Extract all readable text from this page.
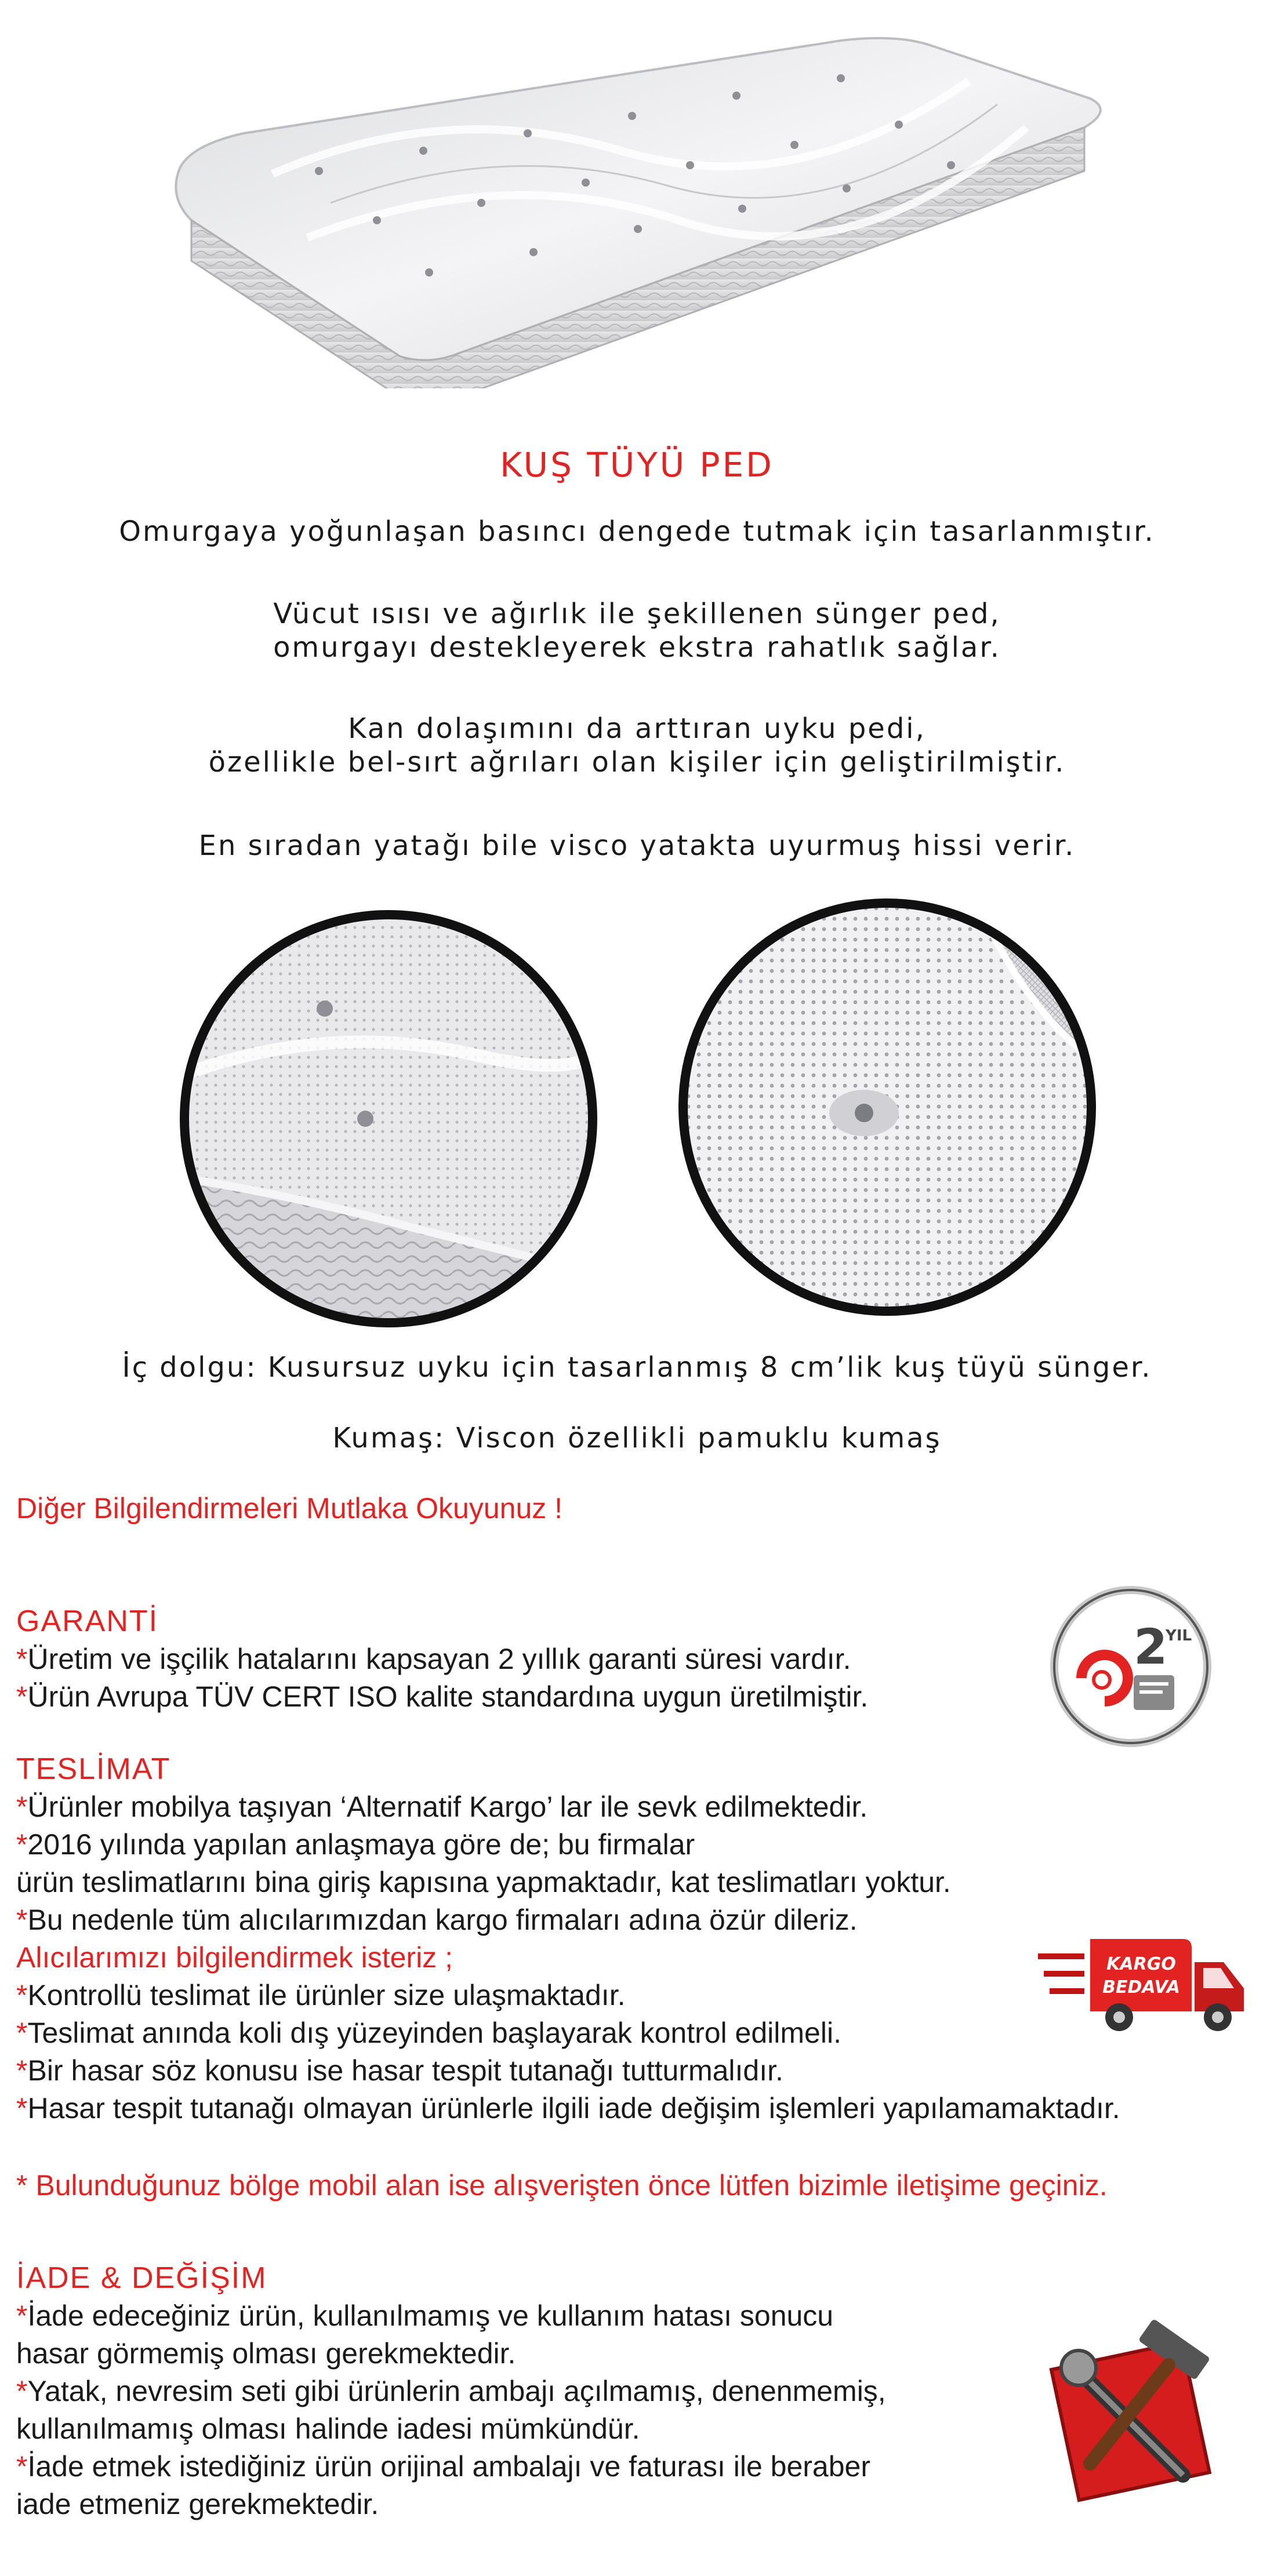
KUŞ TÜYÜ PED
Omurgaya yoğunlaşan basıncı dengede tutmak için tasarlanmıştır.
Vücut ısısı ve ağırlık ile şekillenen sünger ped,
omurgayı destekleyerek ekstra rahatlık sağlar.
Kan dolaşımını da arttıran uyku pedi,
özellikle bel-sırt ağrıları olan kişiler için geliştirilmiştir.
En sıradan yatağı bile visco yatakta uyurmuş hissi verir.
İç dolgu: Kusursuz uyku için tasarlanmış 8 cm’lik kuş tüyü sünger.
Kumaş: Viscon özellikli pamuklu kumaş
Diğer Bilgilendirmeleri Mutlaka Okuyunuz !
GARANTİ
*Üretim ve işçilik hatalarını kapsayan 2 yıllık garanti süresi vardır.
*Ürün Avrupa TÜV CERT ISO kalite standardına uygun üretilmiştir.
2
YIL
TESLİMAT
*Ürünler mobilya taşıyan ‘Alternatif Kargo’ lar ile sevk edilmektedir.
*2016 yılında yapılan anlaşmaya göre de; bu firmalar
ürün teslimatlarını bina giriş kapısına yapmaktadır, kat teslimatları yoktur.
*Bu nedenle tüm alıcılarımızdan kargo firmaları adına özür dileriz.
Alıcılarımızı bilgilendirmek isteriz ;
*Kontrollü teslimat ile ürünler size ulaşmaktadır.
*Teslimat anında koli dış yüzeyinden başlayarak kontrol edilmeli.
*Bir hasar söz konusu ise hasar tespit tutanağı tutturmalıdır.
*Hasar tespit tutanağı olmayan ürünlerle ilgili iade değişim işlemleri yapılamamaktadır.
KARGO
BEDAVA
* Bulunduğunuz bölge mobil alan ise alışverişten önce lütfen bizimle iletişime geçiniz.
İADE & DEĞİŞİM
*İade edeceğiniz ürün, kullanılmamış ve kullanım hatası sonucu
hasar görmemiş olması gerekmektedir.
*Yatak, nevresim seti gibi ürünlerin ambajı açılmamış, denenmemiş,
kullanılmamış olması halinde iadesi mümkündür.
*İade etmek istediğiniz ürün orijinal ambalajı ve faturası ile beraber
iade etmeniz gerekmektedir.
